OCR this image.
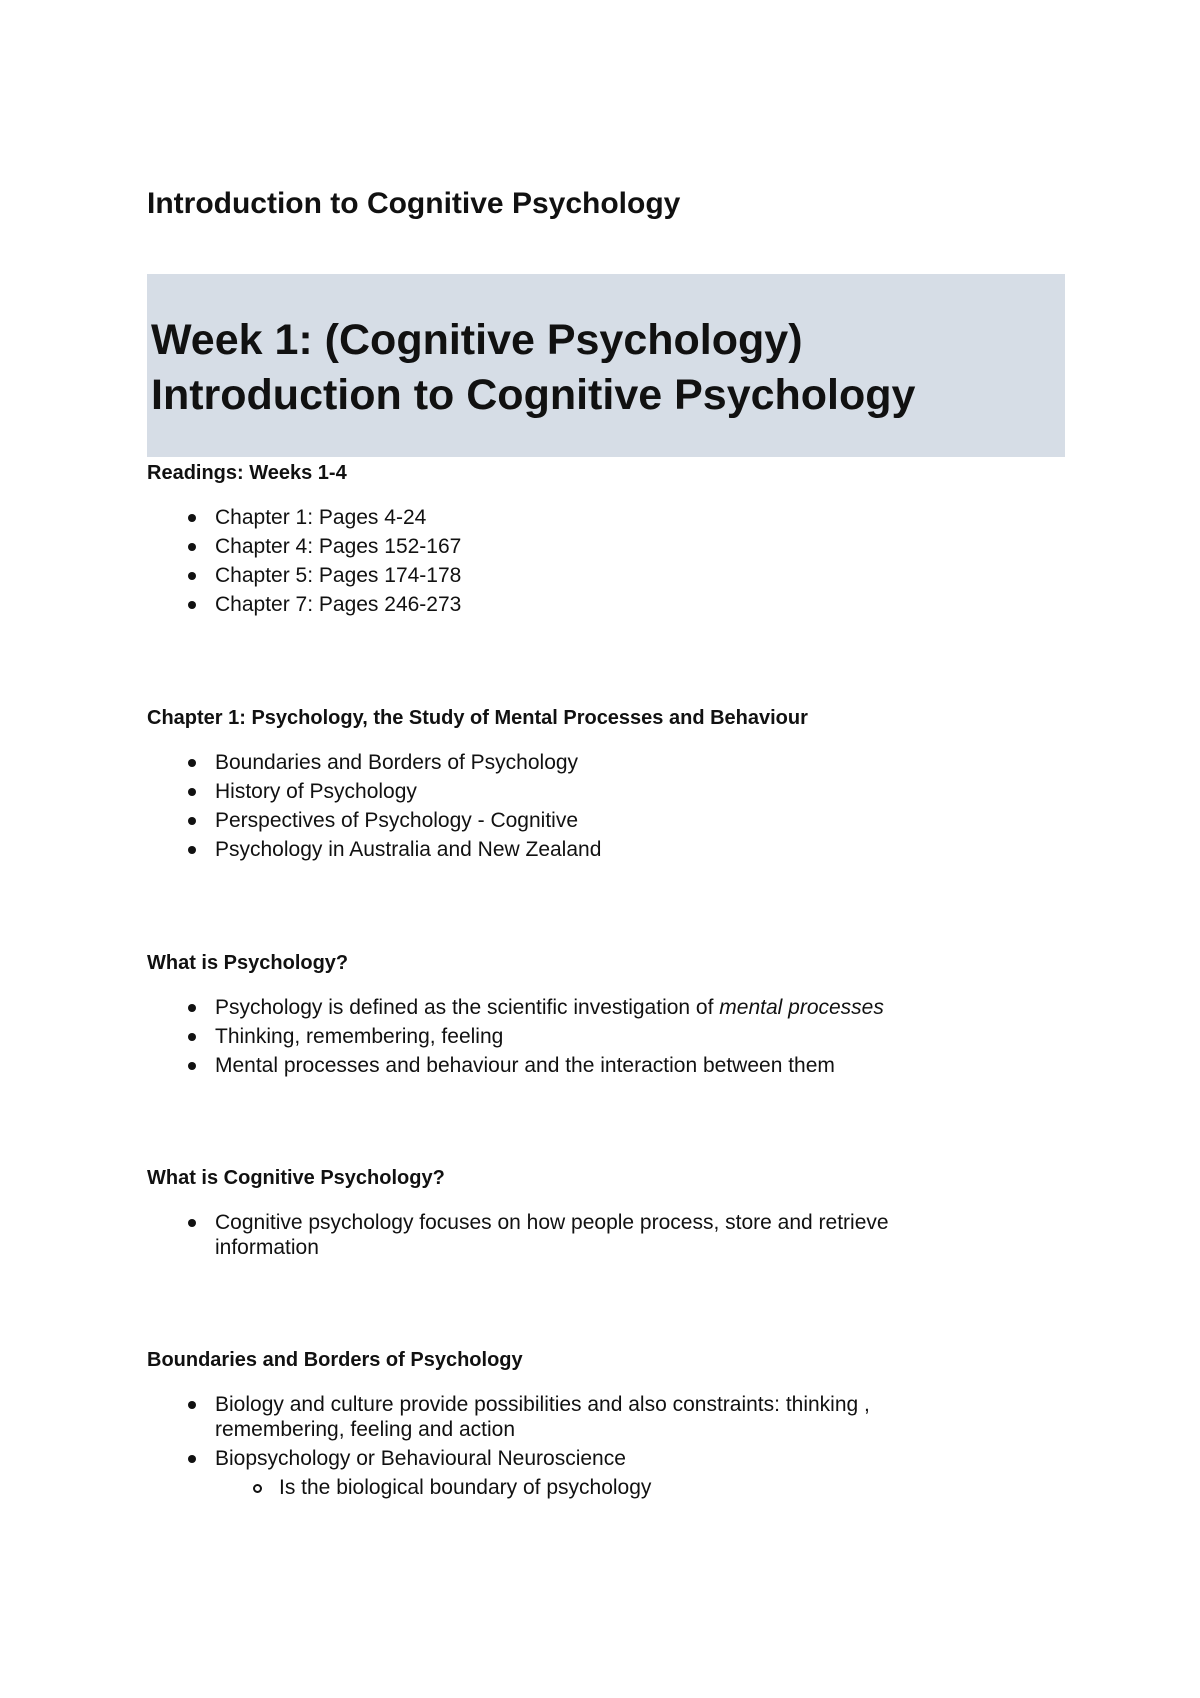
Introduction to Cognitive Psychology
Week 1: (Cognitive Psychology)
Introduction to Cognitive Psychology
Readings: Weeks 1-4
Chapter 1: Pages 4-24
Chapter 4: Pages 152-167
Chapter 5: Pages 174-178
Chapter 7: Pages 246-273
Chapter 1: Psychology, the Study of Mental Processes and Behaviour
Boundaries and Borders of Psychology
History of Psychology
Perspectives of Psychology - Cognitive
Psychology in Australia and New Zealand
What is Psychology?
Psychology is defined as the scientific investigation of mental processes
Thinking, remembering, feeling
Mental processes and behaviour and the interaction between them
What is Cognitive Psychology?
Cognitive psychology focuses on how people process, store and retrieve information
Boundaries and Borders of Psychology
Biology and culture provide possibilities and also constraints: thinking , remembering, feeling and action
Biopsychology or Behavioural Neuroscience
Is the biological boundary of psychology
